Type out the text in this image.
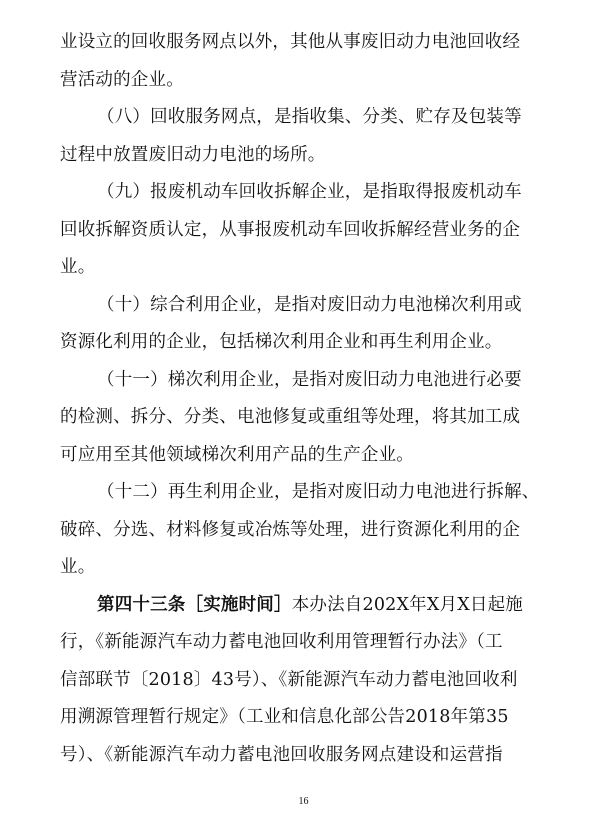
业设立的回收服务网点以外，其他从事废旧动力电池回收经
营活动的企业。
（八）回收服务网点，是指收集、分类、贮存及包装等
过程中放置废旧动力电池的场所。
（九）报废机动车回收拆解企业，是指取得报废机动车
回收拆解资质认定，从事报废机动车回收拆解经营业务的企
业。
（十）综合利用企业，是指对废旧动力电池梯次利用或
资源化利用的企业，包括梯次利用企业和再生利用企业。
（十一）梯次利用企业，是指对废旧动力电池进行必要
的检测、拆分、分类、电池修复或重组等处理，将其加工成
可应用至其他领域梯次利用产品的生产企业。
（十二）再生利用企业，是指对废旧动力电池进行拆解、
破碎、分选、材料修复或冶炼等处理，进行资源化利用的企
业。
第四十三条［实施时间］本办法自202X年X月X日起施
行，《新能源汽车动力蓄电池回收利用管理暂行办法》（工
信部联节〔2018〕43号）、《新能源汽车动力蓄电池回收利
用溯源管理暂行规定》（工业和信息化部公告2018年第35
号）、《新能源汽车动力蓄电池回收服务网点建设和运营指
16
